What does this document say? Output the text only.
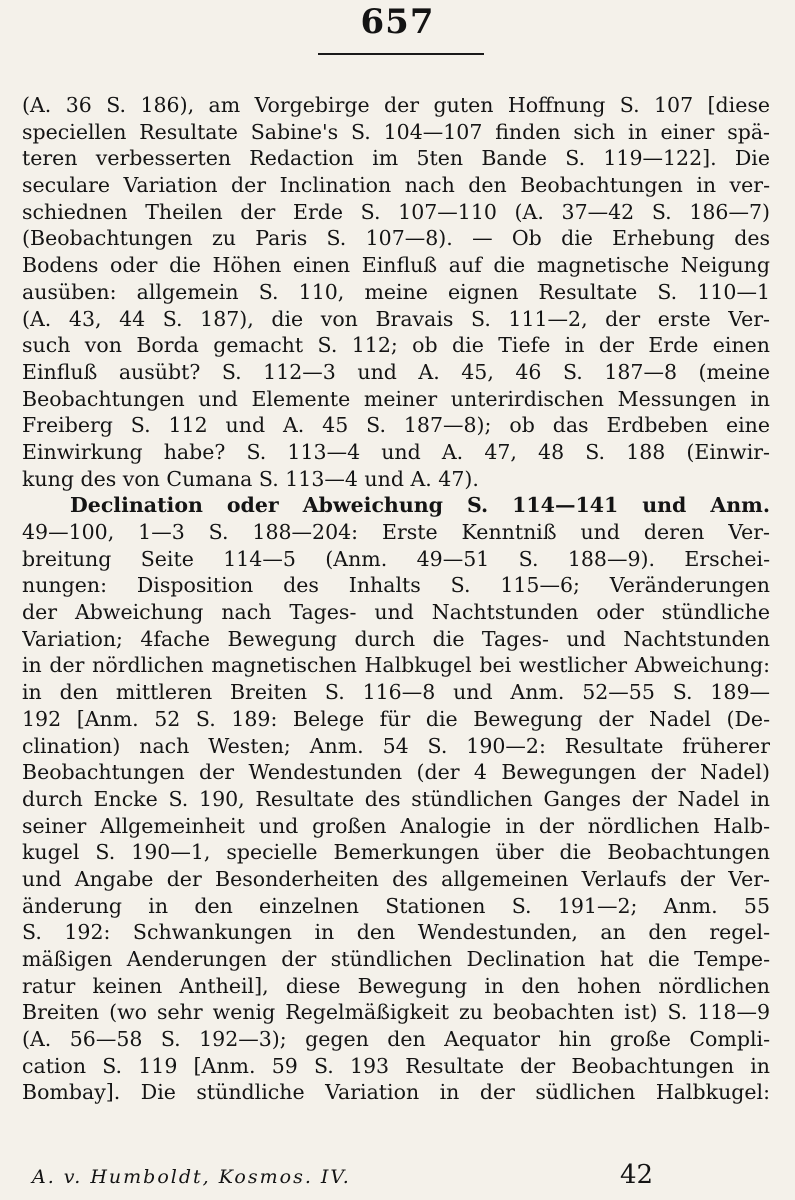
657
(A. 36 S. 186), am Vorgebirge der guten Hoffnung S. 107 [diese
speciellen Resultate Sabine's S. 104—107 finden sich in einer spä-
teren verbesserten Redaction im 5ten Bande S. 119—122]. Die
seculare Variation der Inclination nach den Beobachtungen in ver-
schiednen Theilen der Erde S. 107—110 (A. 37—42 S. 186—7)
(Beobachtungen zu Paris S. 107—8). — Ob die Erhebung des
Bodens oder die Höhen einen Einfluß auf die magnetische Neigung
ausüben: allgemein S. 110, meine eignen Resultate S. 110—1
(A. 43, 44 S. 187), die von Bravais S. 111—2, der erste Ver-
such von Borda gemacht S. 112; ob die Tiefe in der Erde einen
Einfluß ausübt? S. 112—3 und A. 45, 46 S. 187—8 (meine
Beobachtungen und Elemente meiner unterirdischen Messungen in
Freiberg S. 112 und A. 45 S. 187—8); ob das Erdbeben eine
Einwirkung habe? S. 113—4 und A. 47, 48 S. 188 (Einwir-
kung des von Cumana S. 113—4 und A. 47).
Declination oder Abweichung S. 114—141 und Anm.
49—100, 1—3 S. 188—204: Erste Kenntniß und deren Ver-
breitung Seite 114—5 (Anm. 49—51 S. 188—9). Erschei-
nungen: Disposition des Inhalts S. 115—6; Veränderungen
der Abweichung nach Tages- und Nachtstunden oder stündliche
Variation; 4fache Bewegung durch die Tages- und Nachtstunden
in der nördlichen magnetischen Halbkugel bei westlicher Abweichung:
in den mittleren Breiten S. 116—8 und Anm. 52—55 S. 189—
192 [Anm. 52 S. 189: Belege für die Bewegung der Nadel (De-
clination) nach Westen; Anm. 54 S. 190—2: Resultate früherer
Beobachtungen der Wendestunden (der 4 Bewegungen der Nadel)
durch Encke S. 190, Resultate des stündlichen Ganges der Nadel in
seiner Allgemeinheit und großen Analogie in der nördlichen Halb-
kugel S. 190—1, specielle Bemerkungen über die Beobachtungen
und Angabe der Besonderheiten des allgemeinen Verlaufs der Ver-
änderung in den einzelnen Stationen S. 191—2; Anm. 55
S. 192: Schwankungen in den Wendestunden, an den regel-
mäßigen Aenderungen der stündlichen Declination hat die Tempe-
ratur keinen Antheil], diese Bewegung in den hohen nördlichen
Breiten (wo sehr wenig Regelmäßigkeit zu beobachten ist) S. 118—9
(A. 56—58 S. 192—3); gegen den Aequator hin große Compli-
cation S. 119 [Anm. 59 S. 193 Resultate der Beobachtungen in
Bombay]. Die stündliche Variation in der südlichen Halbkugel:
A. v. Humboldt, Kosmos. IV.	42
